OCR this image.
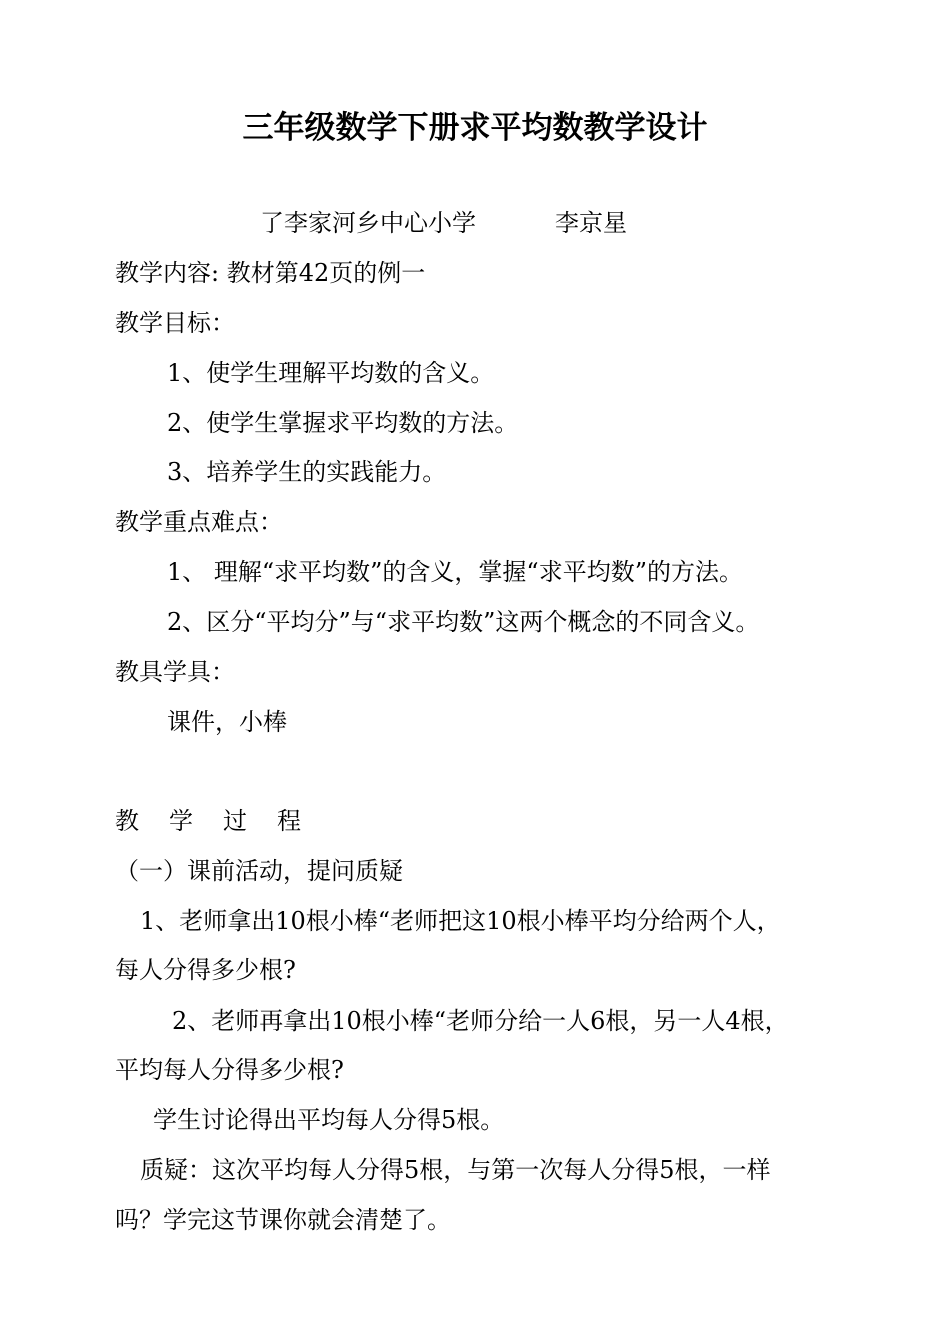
三年级数学下册求平均数教学设计
了李家河乡中心小学	李京星
教学内容: 教材第42页的例一
教学目标：
1、使学生理解平均数的含义。
2、使学生掌握求平均数的方法。
3、培养学生的实践能力。
教学重点难点：
1、 理解“求平均数”的含义，掌握“求平均数”的方法。
2、区分“平均分”与“求平均数”这两个概念的不同含义。
教具学具：
课件，小棒
教学过程
（一）课前活动，提问质疑
1、老师拿出10根小棒“老师把这10根小棒平均分给两个人，
每人分得多少根?
2、老师再拿出10根小棒“老师分给一人6根，另一人4根，
平均每人分得多少根?
学生讨论得出平均每人分得5根。
质疑：这次平均每人分得5根，与第一次每人分得5根，一样
吗？学完这节课你就会清楚了。
